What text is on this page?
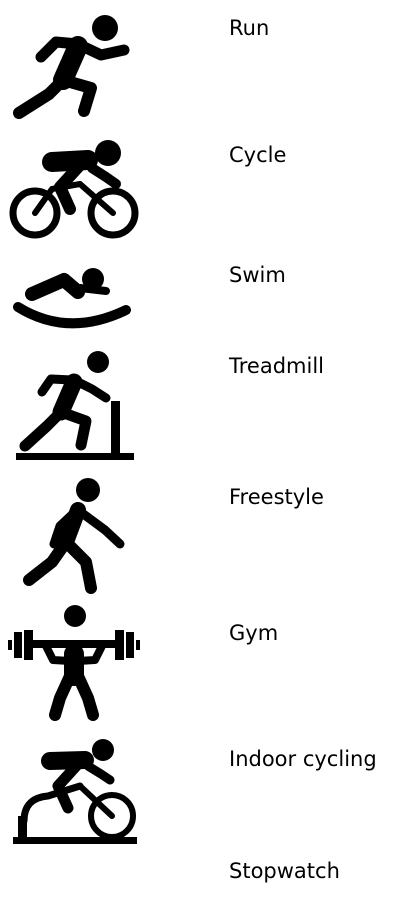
Run
Cycle
Swim
Treadmill
Freestyle
Gym
Indoor cycling
Stopwatch
